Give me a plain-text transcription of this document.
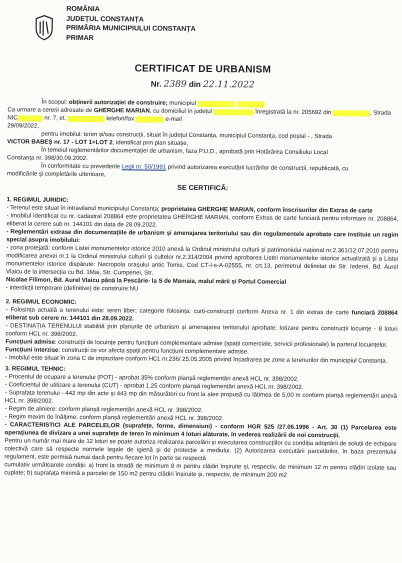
ROMÂNIA
JUDEȚUL CONSTANȚA
PRIMĂRIA MUNICIPIULUI CONSTANȚA
PRIMAR
CERTIFICAT DE URBANISM
Nr. 2389 din 22.11.2022

În scopul: obținerii autorizației de construire; municipiul

Ca urmare a cererii adresate de GHERGHE MARIAN, cu domiciliul în județul	înregistrată la nr. 205692 din	, Strada

NIC	nr. 7, et.	telefon/fax	e-mail

29/09/2022,

pentru imobilul: teren și/sau construcții, situat în județul Constanța, municipiul Constanța, cod poștal - , Strada

VICTOR BABEȘ nr. 17 - LOT 1+LOT 2, identificat prin plan situație,

În temeiul reglementărilor documentației de urbanism, faza P.U.D., aprobată prin Hotărârea Consiliului Local

Constanța nr. 398/30.09.2002.

În conformitate cu prevederile Legii nr. 50/1991 privind autorizarea executării lucrărilor de construcții, republicată, cu

modificările și completările ulterioare,

SE CERTIFICĂ:

1. REGIMUL JURIDIC:

- Terenul este situat în intravilanul municipiului Constanța; proprietatea GHERGHE MARIAN, conform înscrisurilor din Extras de carte

- Imobilul identificat cu nr. cadastral 208864 este proprietatea GHERGHE MARIAN, conform Extras de carte funciară pentru informare nr. 208864, eliberat la cerere sub nr. 144101 din data de 28.09.2022.

- Reglementări extrase din documentațiile de urbanism și amenajarea teritoriului sau din regulamentele aprobate care instituie un regim special asupra imobilului:

- zona protejată: conform Listei monumentelor istorice 2010 anexă la Ordinul ministrului culturii și patrimoniului național nr.2.361/12.07.2010 pentru modificarea anexei nr.1 la Ordinul ministrului culturii și cultelor nr.2.314/2004 privind aprobarea Listei monumentelor istorice actualizată și a Listei monumentelor istorice dispărute: Necropola orașului antic Tomis, Cod CT-I-s-A-02555, nr. crt.13, perimetrul delimitat de Str. Iederei, Bd. Aurel Vlaicu de la intersecția cu Bd. 1Mai, Str. Cumpenei, Str.

Nicolae Filimon, Bd. Aurel Vlaicu până la Pescărie- la S de Mamaia, malul mării și Portul Comercial

- interdicții temporare (definitive) de construire:NU

2. REGIMUL ECONOMIC:

- Folosința actuală a terenului este: teren liber; categorie folosința: curți-construcții conform Anexa nr. 1 din extras de carte funciară 208864 eliberat sub cerere nr. 144101 din 28.09.2022.

- DESTINAȚIA TERENULUI stabilită prin planurile de urbanism și amenajarea teritoriului aprobate: lotizare pentru construcții locuințe - 8 loturi conform HCL nr. 398/2002.

Funcțiuni admise: construcții de locuințe pentru funcțiuni complementare admise (spații comerciale, servicii profesionale) la parterul locuințelor.

Funcțiuni interzise: construcții ce vor afecta spații pentru funcțiuni complementare admise.

- Imobilul este situat în zona C de impozitare conform HCL nr.236/ 25.05.2005 privind încadrarea pe zone a terenurilor din municipiul Constanța.

3. REGIMUL TEHNIC:

- Procentul de ocupare a terenului (POT) - aprobat 35% conform planșă reglementări anexă HCL nr. 398/2002.

- Coeficientul de utilizare a terenului (CUT) - aprobat 1,25 conform planșă reglementări anexă HCL nr. 398/2002.

- Suprafața terenului - 442 mp din acte și 443 mp din măsurători cu front la alee propusă cu lățimea de 5,00 m conform planșă reglementări anexă HCL nr. 398/2002.

- Regim de aliniere: conform planșă reglementări anexă HCL nr. 398/2002.

- Regim maxim de înălțime: conform planșă reglementări anexă HCL nr. 398/2002.

- CARACTERISTICI ALE PARCELELOR (suprafețe, forme, dimensiuni) - conform HGR 525 /27.06.1996 - Art. 30 (1) Parcelarea este operațiunea de divizare a unei suprafețe de teren în minimum 4 loturi alăturate, în vederea realizării de noi construcții.

Pentru un număr mai mare de 12 loturi se poate autoriza realizarea parcelării și executarea construcțiilor cu condiția adoptării de soluții de echipare colectivă care să respecte normele legale de igienă și de protecție a mediului. (2) Autorizarea executării parcelărilor, în baza prezentului regulament, este permisă numai dacă pentru fiecare lot în parte se respectă

cumulativ următoarele condiții: a) front la stradă de minimum 8 m pentru clădiri înșiruite și, respectiv, de minimum 12 m pentru clădiri izolate sau cuplate; b) suprafața minimă a parcelei de 150 m2 pentru clădiri înșiruite și, respectiv, de minimum 200 m2
